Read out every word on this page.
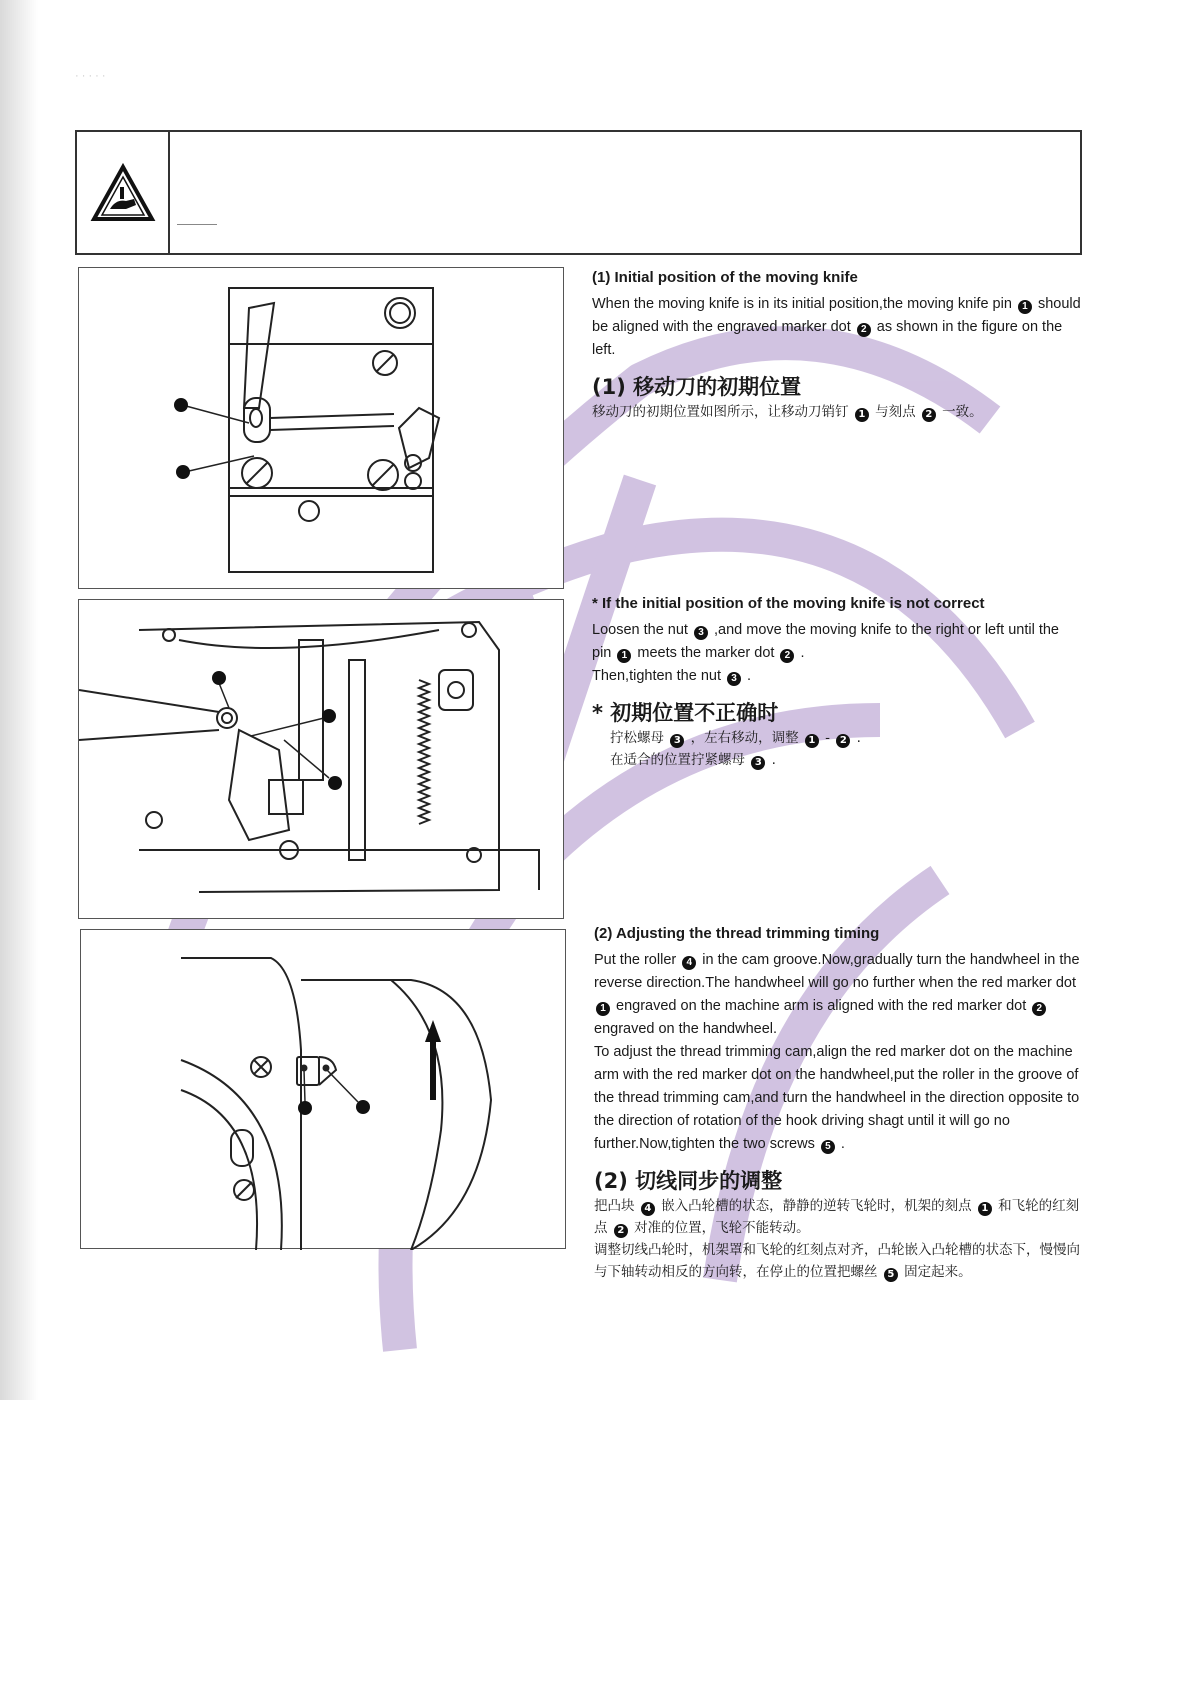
· · · · ·
(1) Initial position of the moving knife
When the moving knife is in its initial position,the moving knife pin 1 should be aligned with the engraved marker dot 2 as shown in the figure on the left.
(1) 移动刀的初期位置
移动刀的初期位置如图所示，让移动刀销钉 1 与刻点 2 一致。
* If the initial position of the moving knife is not correct
Loosen the nut 3 ,and move the moving knife to the right or left until the pin 1 meets the marker dot 2 .
Then,tighten the nut 3 .
* 初期位置不正确时
拧松螺母 3 ，左右移动，调整 1 - 2 .
在适合的位置拧紧螺母 3 .
(2) Adjusting the thread trimming timing
Put the roller 4 in the cam groove.Now,gradually turn the handwheel in the reverse direction.The handwheel will go no further when the red marker dot 1 engraved on the machine arm is aligned with the red marker dot 2 engraved on the handwheel.
To adjust the thread trimming cam,align the red marker dot on the machine arm with the red marker dot on the handwheel,put the roller in the groove of the thread trimming cam,and turn the handwheel in the direction opposite to the direction of rotation of the hook driving shagt until it will go no further.Now,tighten the two screws 5 .
(2) 切线同步的调整
把凸块 4 嵌入凸轮槽的状态，静静的逆转飞轮时，机架的刻点 1 和飞轮的红刻点 2 对准的位置，飞轮不能转动。
调整切线凸轮时，机架罩和飞轮的红刻点对齐，凸轮嵌入凸轮槽的状态下，慢慢向与下轴转动相反的方向转，在停止的位置把螺丝 5 固定起来。
